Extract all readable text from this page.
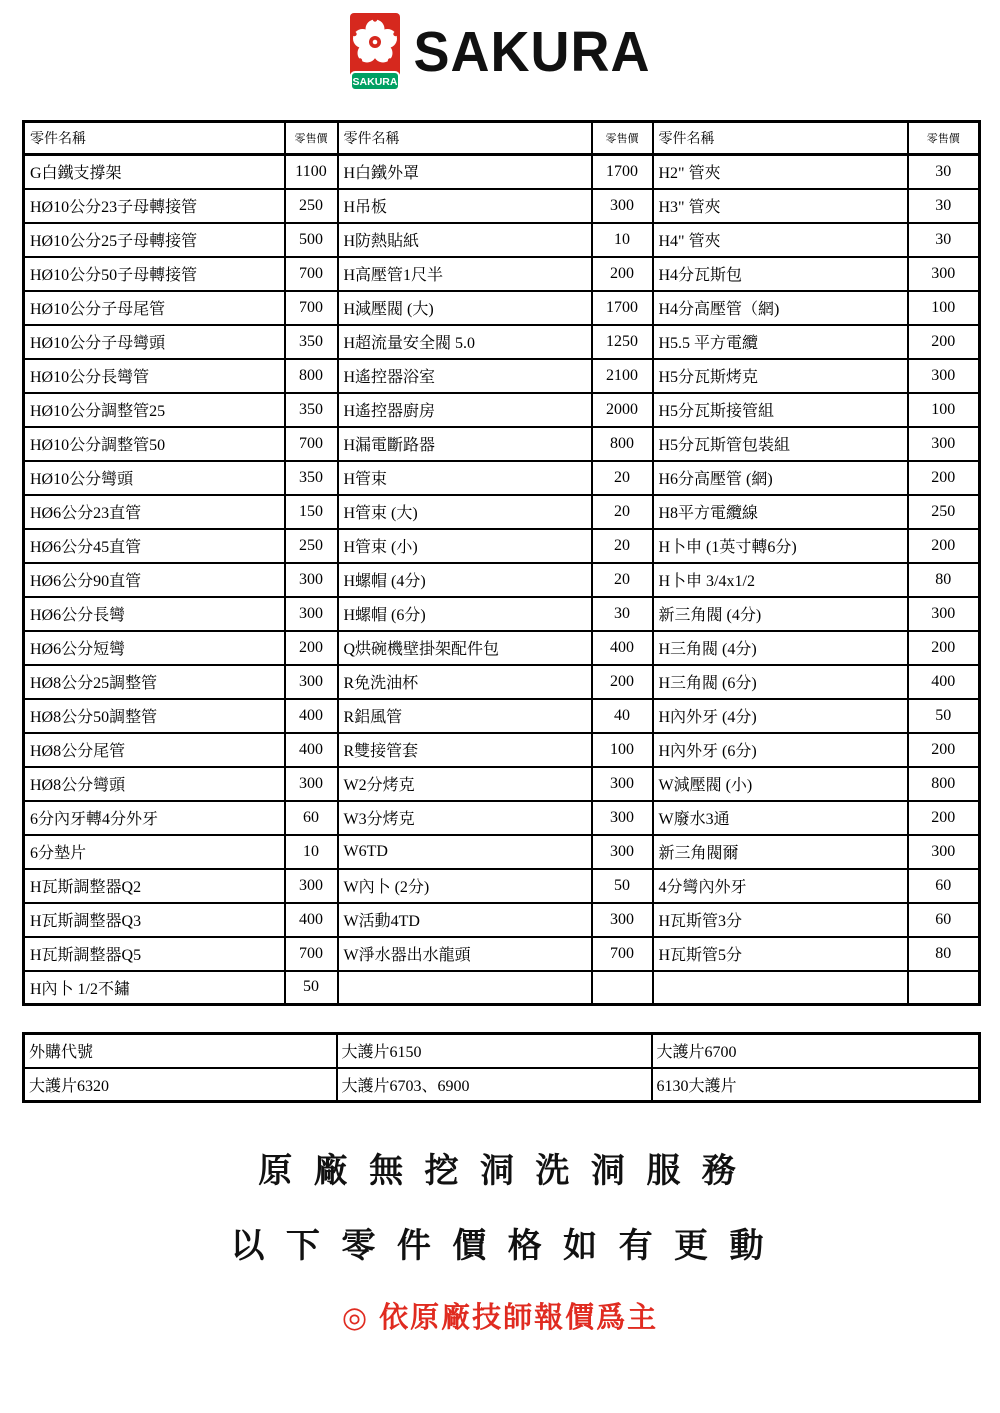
SAKURA SAKURA
零件名稱	零售價	零件名稱	零售價	零件名稱	零售價
G白鐵支撐架	1100	H白鐵外罩	1700	H2" 管夾	30
HØ10公分23子母轉接管	250	H吊板	300	H3" 管夾	30
HØ10公分25子母轉接管	500	H防熱貼紙	10	H4" 管夾	30
HØ10公分50子母轉接管	700	H高壓管1尺半	200	H4分瓦斯包	300
HØ10公分子母尾管	700	H減壓閥 (大)	1700	H4分高壓管（網)	100
HØ10公分子母彎頭	350	H超流量安全閥 5.0	1250	H5.5 平方電纜	200
HØ10公分長彎管	800	H遙控器浴室	2100	H5分瓦斯烤克	300
HØ10公分調整管25	350	H遙控器廚房	2000	H5分瓦斯接管組	100
HØ10公分調整管50	700	H漏電斷路器	800	H5分瓦斯管包裝組	300
HØ10公分彎頭	350	H管束	20	H6分高壓管 (網)	200
HØ6公分23直管	150	H管束 (大)	20	H8平方電纜線	250
HØ6公分45直管	250	H管束 (小)	20	H卜申 (1英寸轉6分)	200
HØ6公分90直管	300	H螺帽 (4分)	20	H卜申 3/4x1/2	80
HØ6公分長彎	300	H螺帽 (6分)	30	新三角閥 (4分)	300
HØ6公分短彎	200	Q烘碗機壁掛架配件包	400	H三角閥 (4分)	200
HØ8公分25調整管	300	R免洗油杯	200	H三角閥 (6分)	400
HØ8公分50調整管	400	R鋁風管	40	H內外牙 (4分)	50
HØ8公分尾管	400	R雙接管套	100	H內外牙 (6分)	200
HØ8公分彎頭	300	W2分烤克	300	W減壓閥 (小)	800
6分內牙轉4分外牙	60	W3分烤克	300	W廢水3通	200
6分墊片	10	W6TD	300	新三角閥爾	300
H瓦斯調整器Q2	300	W內卜 (2分)	50	4分彎內外牙	60
H瓦斯調整器Q3	400	W活動4TD	300	H瓦斯管3分	60
H瓦斯調整器Q5	700	W淨水器出水龍頭	700	H瓦斯管5分	80
H內卜 1/2不鏽	50				
外購代號	大護片6150	大護片6700
大護片6320	大護片6703、6900	6130大護片
原 廠 無 挖 洞 洗 洞 服 務
以 下 零 件 價 格 如 有 更 動
◎ 依原廠技師報價爲主
